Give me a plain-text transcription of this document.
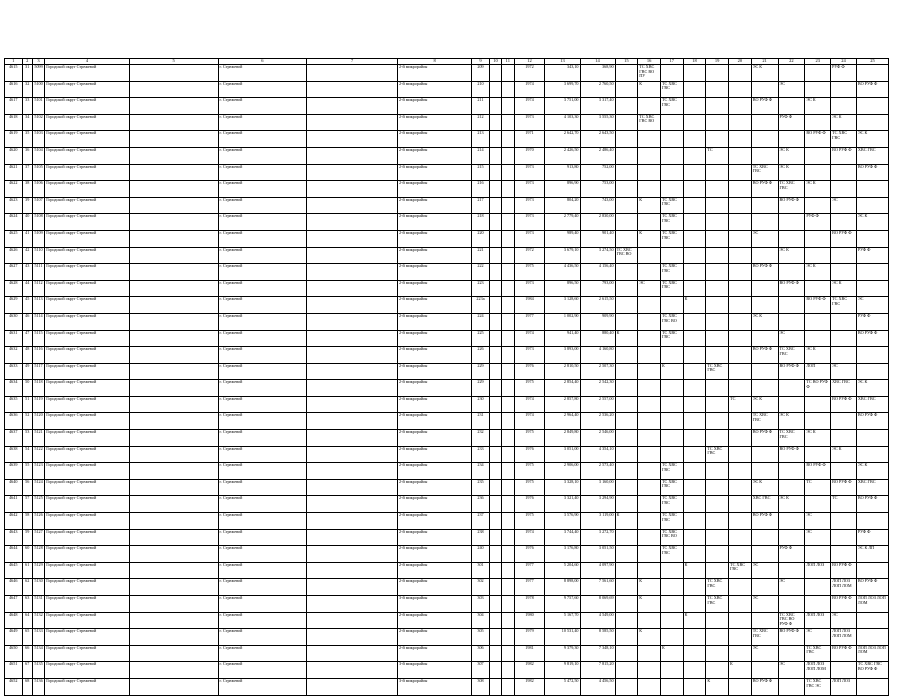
1	2	3	4	5	6	7	8	9	10	11	12	13	14	15	16	17	18	19	20	21	22	23	24	25
4615	31	5099	Городской округ Стрежевой		г. Стрежевой		2-й микрорайон	209			1972	343,10	368,90		ТС ХВС ГВС ВО ПУ					ЭС К			РУФ Ф	
4616	32	5100	Городской округ Стрежевой		г. Стрежевой		2-й микрорайон	210			1974	3 699,70	2 760,50		К	ТС ХВС ГВС					ЭС			ВО РУФ Ф
4617	33	5101	Городской округ Стрежевой		г. Стрежевой		2-й микрорайон	211			1974	3 751,00	3 317,40			ТС ХВС ГВС				ВО РУФ Ф		ЭС К		
4618	34	5102	Городской округ Стрежевой		г. Стрежевой		2-й микрорайон	212			1973	4 103,30	3 555,30		ТС ХВС ГВС ВО						РУФ Ф		ЭС К	
4619	35	5103	Городской округ Стрежевой		г. Стрежевой		2-й микрорайон	213			1971	2 642,70	2 643,50									ВО РУФ Ф	ТС ХВС ГВС	ЭС К
4620	36	5104	Городской округ Стрежевой		г. Стрежевой		2-й микрорайон	214			1970	2 426,50	2 486,40					ТС			ЭС К		ВО РУФ Ф	ХВС ГВС
4621	37	5105	Городской округ Стрежевой		г. Стрежевой		2-й микрорайон	215			1973	913,80	752,00							ТС ХВС ГВС	ЭС К			ВО РУФ Ф
4622	38	5106	Городской округ Стрежевой		г. Стрежевой		2-й микрорайон	216			1973	896,90	753,00							ВО РУФ Ф	ТС ХВС ГВС	ЭС К		
4623	39	5107	Городской округ Стрежевой		г. Стрежевой		2-й микрорайон	217			1973	804,20	743,00		К	ТС ХВС ГВС					ВО РУФ Ф		ЭС	
4624	40	5108	Городской округ Стрежевой		г. Стрежевой		2-й микрорайон	218			1973	2 779,40	2 830,00			ТС ХВС ГВС						РУФ Ф		ЭС К
4625	41	5109	Городской округ Стрежевой		г. Стрежевой		2-й микрорайон	220			1973	989,40	901,40		К	ТС ХВС ГВС				ЭС			ВО РУФ Ф	
4626	42	5110	Городской округ Стрежевой		г. Стрежевой		2-й микрорайон	221			1972	3 679,10	3 274,50	ТС ХВС ГВС ВО							ЭС К			РУФ Ф
4627	43	5111	Городской округ Стрежевой		г. Стрежевой		2-й микрорайон	222			1975	4 436,50	4 156,40			ТС ХВС ГВС				ВО РУФ Ф		ЭС К		
4628	44	5112	Городской округ Стрежевой		г. Стрежевой		2-й микрорайон	223			1973	896,50	793,00		ЭС	ТС ХВС ГВС					ВО РУФ Ф		ЭС К	
4629	45	5113	Городской округ Стрежевой		г. Стрежевой		2-й микрорайон	223а			1984	3 128,60	2 615,50				К					ВО РУФ Ф	ТС ХВС ГВС	ЭС
4630	46	5114	Городской округ Стрежевой		г. Стрежевой		2-й микрорайон	224			1977	1 002,90	909,90			ТС ХВС ГВС ВО				ЭС К				РУФ Ф
4631	47	5115	Городской округ Стрежевой		г. Стрежевой		2-й микрорайон	225			1974	941,40	880,40	К		ТС ХВС ГВС					ЭС			ВО РУФ Ф
4632	48	5116	Городской округ Стрежевой		г. Стрежевой		2-й микрорайон	226			1973	3 893,00	4 160,80							ВО РУФ Ф	ТС ХВС ГВС	ЭС К		
4633	49	5117	Городской округ Стрежевой		г. Стрежевой		2-й микрорайон	229			1976	2 810,50	2 507,30			К		ТС ХВС ГВС			ВО РУФ Ф	ЛОП	ЭС	
4634	50	5118	Городской округ Стрежевой		г. Стрежевой		2-й микрорайон	229			1975	2 854,40	2 542,30									ТС ВО РУФ Ф	ХВС ГВС	ЭС К
4635	51	5119	Городской округ Стрежевой		г. Стрежевой		2-й микрорайон	230			1974	2 857,80	2 557,00						ТС	ЭС К			ВО РУФ Ф	ХВС ГВС
4636	52	5120	Городской округ Стрежевой		г. Стрежевой		2-й микрорайон	231			1974	2 964,40	2 536,20							ТС ХВС ГВС	ЭС К			ВО РУФ Ф
4637	53	5121	Городской округ Стрежевой		г. Стрежевой		2-й микрорайон	232			1975	2 849,80	2 546,00							ВО РУФ Ф	ТС ХВС ГВС	ЭС К		
4638	54	5122	Городской округ Стрежевой		г. Стрежевой		2-й микрорайон	233			1976	3 051,00	4 354,10					ТС ХВС ГВС			ВО РУФ Ф		ЭС К	
4639	55	5123	Городской округ Стрежевой		г. Стрежевой		2-й микрорайон	234			1975	2 906,00	2 573,40			ТС ХВС ГВС						ВО РУФ Ф		ЭС К
4640	56	5124	Городской округ Стрежевой		г. Стрежевой		2-й микрорайон	235			1975	3 328,10	3 160,00			ТС ХВС ГВС				ЭС К		ТС	ВО РУФ Ф	ХВС ГВС
4641	57	5125	Городской округ Стрежевой		г. Стрежевой		2-й микрорайон	236			1976	3 321,40	3 294,90			ТС ХВС ГВС				ХВС ГВС	ЭС К		ТС	ВО РУФ Ф
4642	58	5126	Городской округ Стрежевой		г. Стрежевой		2-й микрорайон	237			1975	3 576,90	3 119,00	К		ТС ХВС ГВС				ВО РУФ Ф		ЭС		
4643	59	5127	Городской округ Стрежевой		г. Стрежевой		2-й микрорайон	238			1974	3 744,40	3 272,70			ТС ХВС ГВС ВО						ЭС		РУФ Ф
4644	60	5128	Городской округ Стрежевой		г. Стрежевой		2-й микрорайон	240			1976	3 176,80	3 051,50			ТС ХВС ГВС					РУФ Ф			ЭС К ЛП
4645	61	5129	Городской округ Стрежевой		г. Стрежевой		2-й микрорайон	301			1977	5 204,60	4 097,90				К		ТС ХВС ГВС	ЭС		ЛОП ЛОЗ	ВО РУФ Ф	
4646	62	5130	Городской округ Стрежевой		г. Стрежевой		2-й микрорайон	302			1977	8 898,00	7 561,60		К			ТС ХВС ГВС			ЭС		ЛОП ЛОЗ ЛОП ЛОМ	ВО РУФ Ф
4647	63	5131	Городской округ Стрежевой		г. Стрежевой		3-й микрорайон	303			1978	9 757,60	8 069,69		К			ТС ХВС ГВС		ЭС			ВО РУФ Ф	ЛОП ЛОЗ ЛОП ЛОМ
4648	64	5132	Городской округ Стрежевой		г. Стрежевой		2-й микрорайон	304			1980	5 167,70	4 549,00				К				ТС ХВС ГВС ВО РУФ Ф	ЛОП ЛОЗ	ЭС	
4649	65	5133	Городской округ Стрежевой		г. Стрежевой		2-й микрорайон	305			1979	10 531,40	8 585,50		К					ТС ХВС ГВС	ВО РУФ Ф	ЭС	ЛОП ЛОЗ ЛОП ЛОМ	
4650	66	5134	Городской округ Стрежевой		г. Стрежевой		2-й микрорайон	306			1981	9 379,30	7 348,10			К				ЭС		ТС ХВС ГВС	ВО РУФ Ф	ЛОП ЛОЗ ЛОП ЛОМ
4651	67	5135	Городской округ Стрежевой		г. Стрежевой		3-й микрорайон	307			1982	9 819,10	7 815,20						К		ЭС	ЛОП ЛОЗ ЛОП ЛОМ		ТС ХВС ГВС ВО РУФ Ф
4652	68	5136	Городской округ Стрежевой		г. Стрежевой		3-й микрорайон	308			1982	5 472,50	4 456,50					К		ВО РУФ Ф		ТС ХВС ГВС ЭС	ЛОП ЛОЗ	
